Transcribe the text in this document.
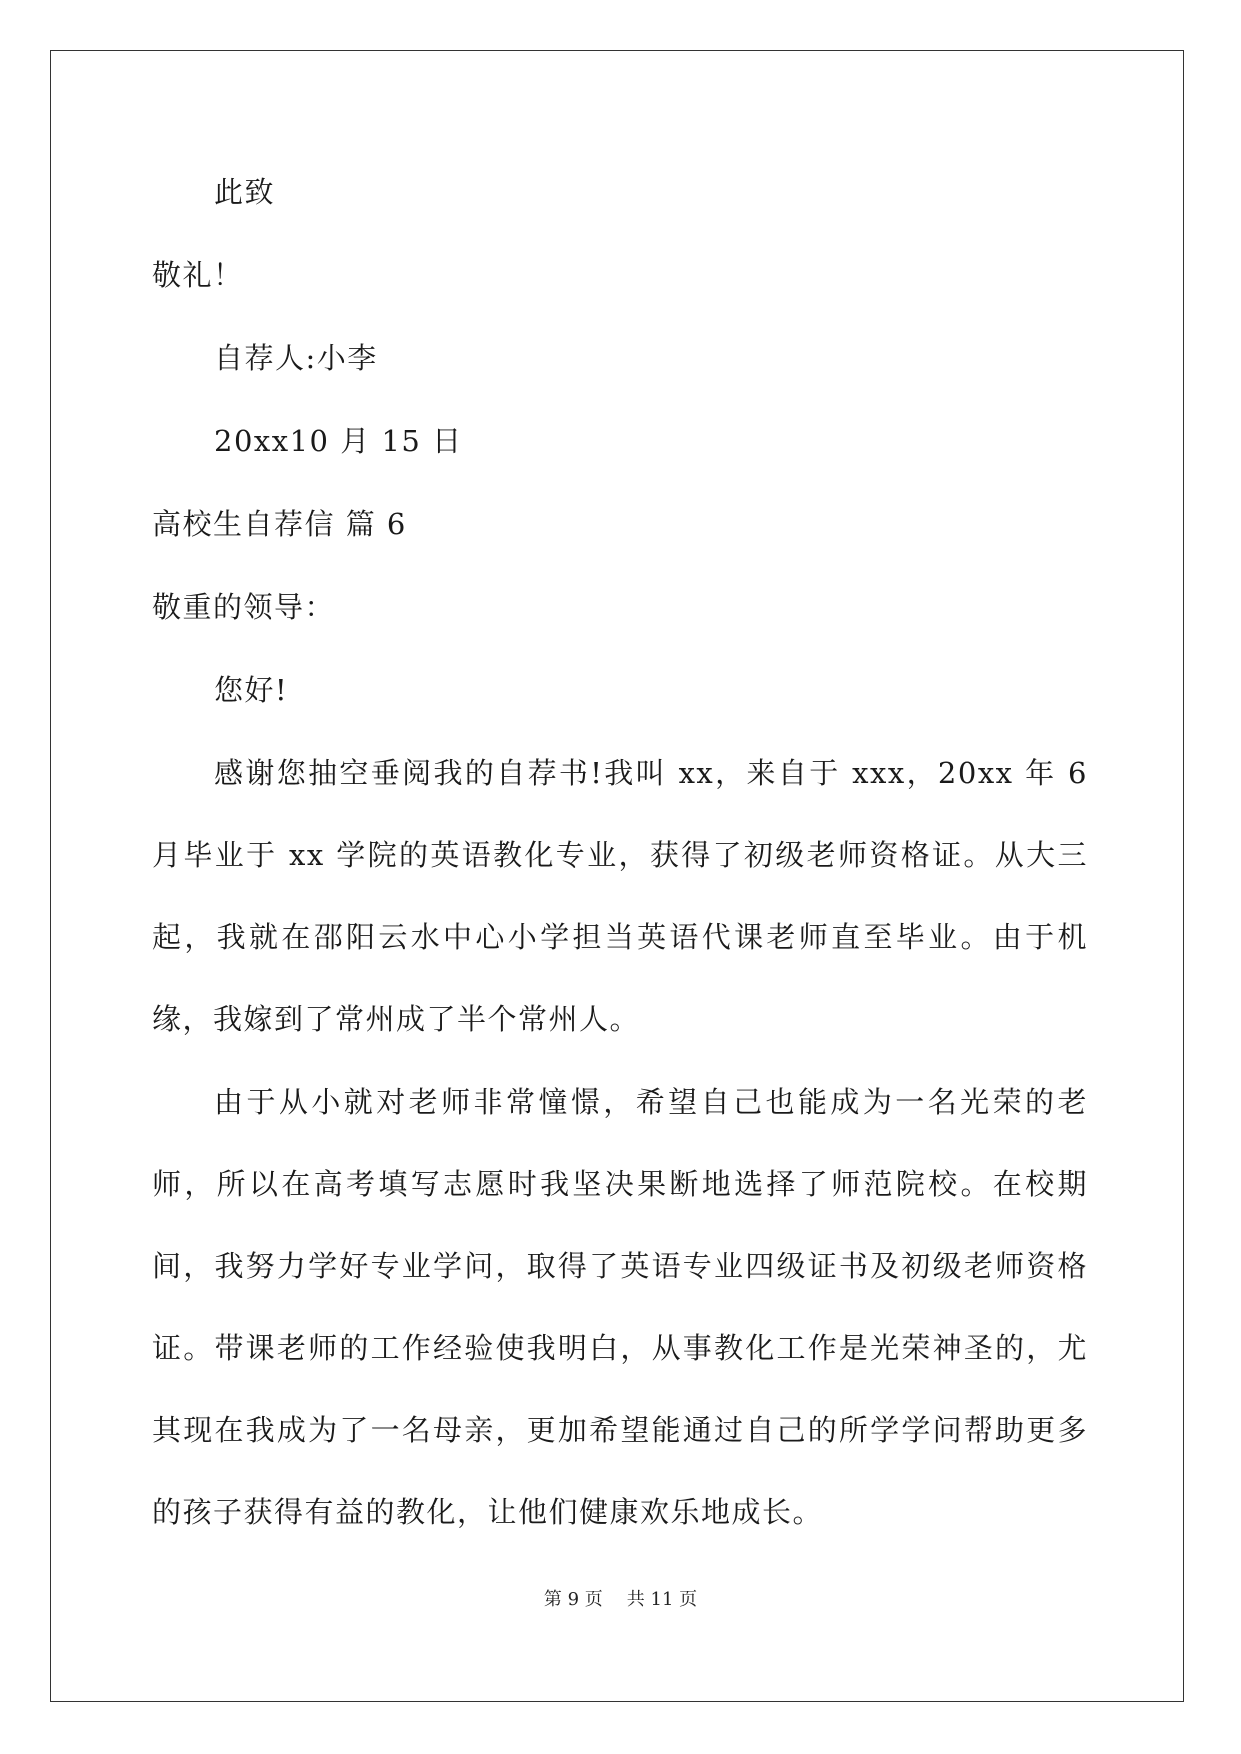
此致
敬礼！
自荐人:小李
20xx10 月 15 日
高校生自荐信 篇 6
敬重的领导：
您好!

感谢您抽空垂阅我的自荐书!我叫 xx，来自于 xxx，20xx 年 6 月毕业于 xx 学院的英语教化专业，获得了初级老师资格证。从大三起，我就在邵阳云水中心小学担当英语代课老师直至毕业。由于机缘，我嫁到了常州成了半个常州人。

由于从小就对老师非常憧憬，希望自己也能成为一名光荣的老师，所以在高考填写志愿时我坚决果断地选择了师范院校。在校期间，我努力学好专业学问，取得了英语专业四级证书及初级老师资格证。带课老师的工作经验使我明白，从事教化工作是光荣神圣的，尤其现在我成为了一名母亲，更加希望能通过自己的所学学问帮助更多的孩子获得有益的教化，让他们健康欢乐地成长。

第 9 页 共 11 页
